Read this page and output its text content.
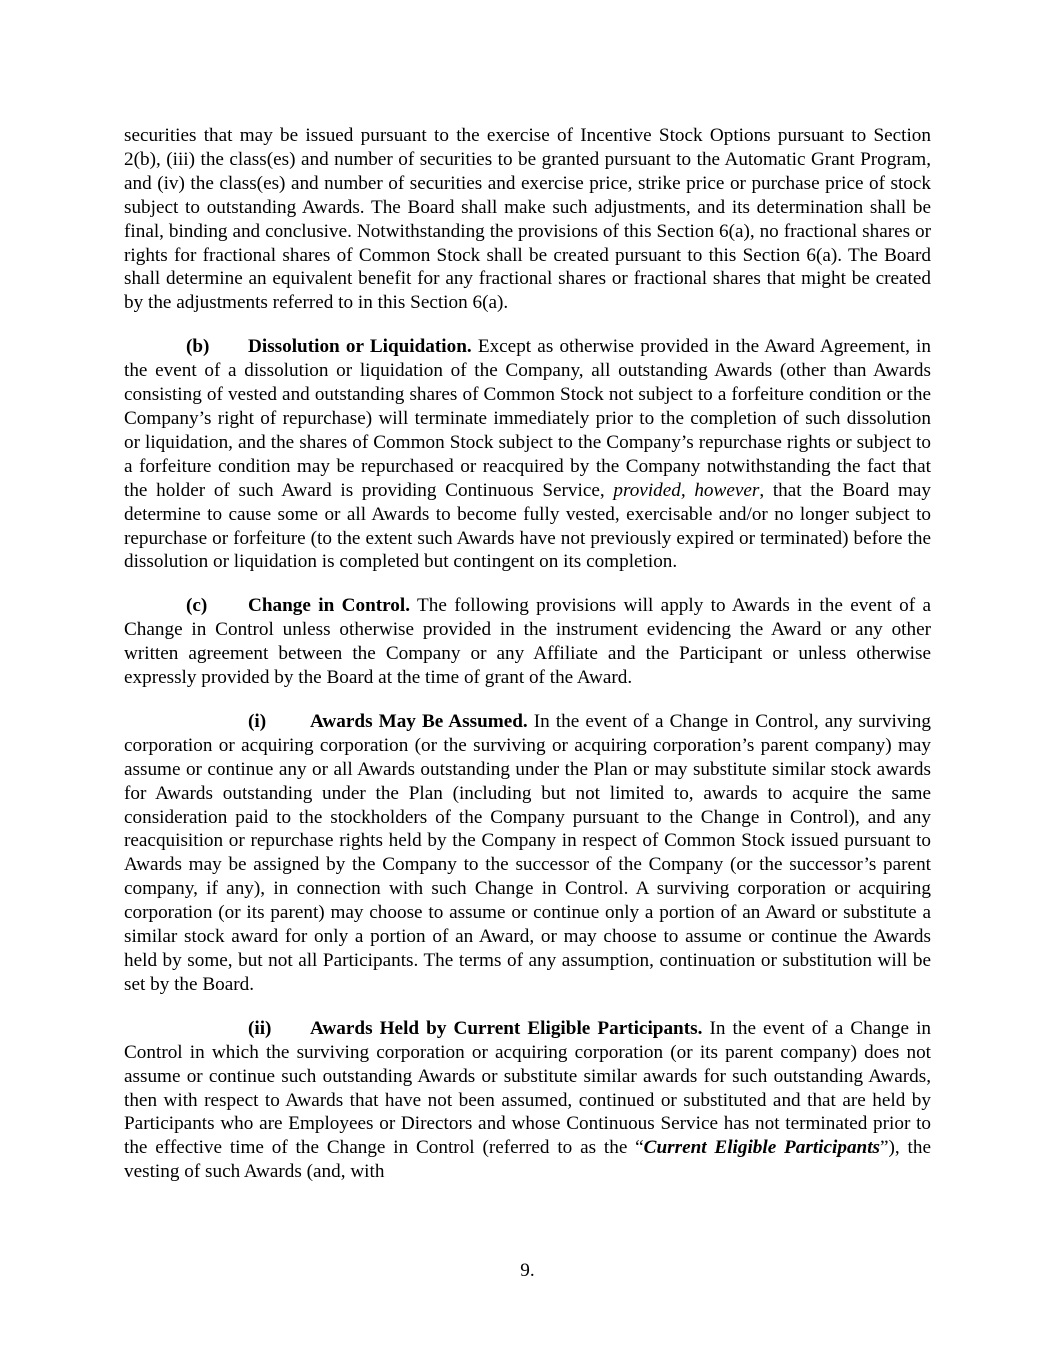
securities that may be issued pursuant to the exercise of Incentive Stock Options pursuant to Section 2(b), (iii) the class(es) and number of securities to be granted pursuant to the Automatic Grant Program, and (iv) the class(es) and number of securities and exercise price, strike price or purchase price of stock subject to outstanding Awards. The Board shall make such adjustments, and its determination shall be final, binding and conclusive. Notwithstanding the provisions of this Section 6(a), no fractional shares or rights for fractional shares of Common Stock shall be created pursuant to this Section 6(a). The Board shall determine an equivalent benefit for any fractional shares or fractional shares that might be created by the adjustments referred to in this Section 6(a).

(b) Dissolution or Liquidation. Except as otherwise provided in the Award Agreement, in the event of a dissolution or liquidation of the Company, all outstanding Awards (other than Awards consisting of vested and outstanding shares of Common Stock not subject to a forfeiture condition or the Company’s right of repurchase) will terminate immediately prior to the completion of such dissolution or liquidation, and the shares of Common Stock subject to the Company’s repurchase rights or subject to a forfeiture condition may be repurchased or reacquired by the Company notwithstanding the fact that the holder of such Award is providing Continuous Service, provided, however, that the Board may determine to cause some or all Awards to become fully vested, exercisable and/or no longer subject to repurchase or forfeiture (to the extent such Awards have not previously expired or terminated) before the dissolution or liquidation is completed but contingent on its completion.

(c) Change in Control. The following provisions will apply to Awards in the event of a Change in Control unless otherwise provided in the instrument evidencing the Award or any other written agreement between the Company or any Affiliate and the Participant or unless otherwise expressly provided by the Board at the time of grant of the Award.

(i) Awards May Be Assumed. In the event of a Change in Control, any surviving corporation or acquiring corporation (or the surviving or acquiring corporation’s parent company) may assume or continue any or all Awards outstanding under the Plan or may substitute similar stock awards for Awards outstanding under the Plan (including but not limited to, awards to acquire the same consideration paid to the stockholders of the Company pursuant to the Change in Control), and any reacquisition or repurchase rights held by the Company in respect of Common Stock issued pursuant to Awards may be assigned by the Company to the successor of the Company (or the successor’s parent company, if any), in connection with such Change in Control. A surviving corporation or acquiring corporation (or its parent) may choose to assume or continue only a portion of an Award or substitute a similar stock award for only a portion of an Award, or may choose to assume or continue the Awards held by some, but not all Participants. The terms of any assumption, continuation or substitution will be set by the Board.

(ii) Awards Held by Current Eligible Participants. In the event of a Change in Control in which the surviving corporation or acquiring corporation (or its parent company) does not assume or continue such outstanding Awards or substitute similar awards for such outstanding Awards, then with respect to Awards that have not been assumed, continued or substituted and that are held by Participants who are Employees or Directors and whose Continuous Service has not terminated prior to the effective time of the Change in Control (referred to as the “Current Eligible Participants”), the vesting of such Awards (and, with

9.
